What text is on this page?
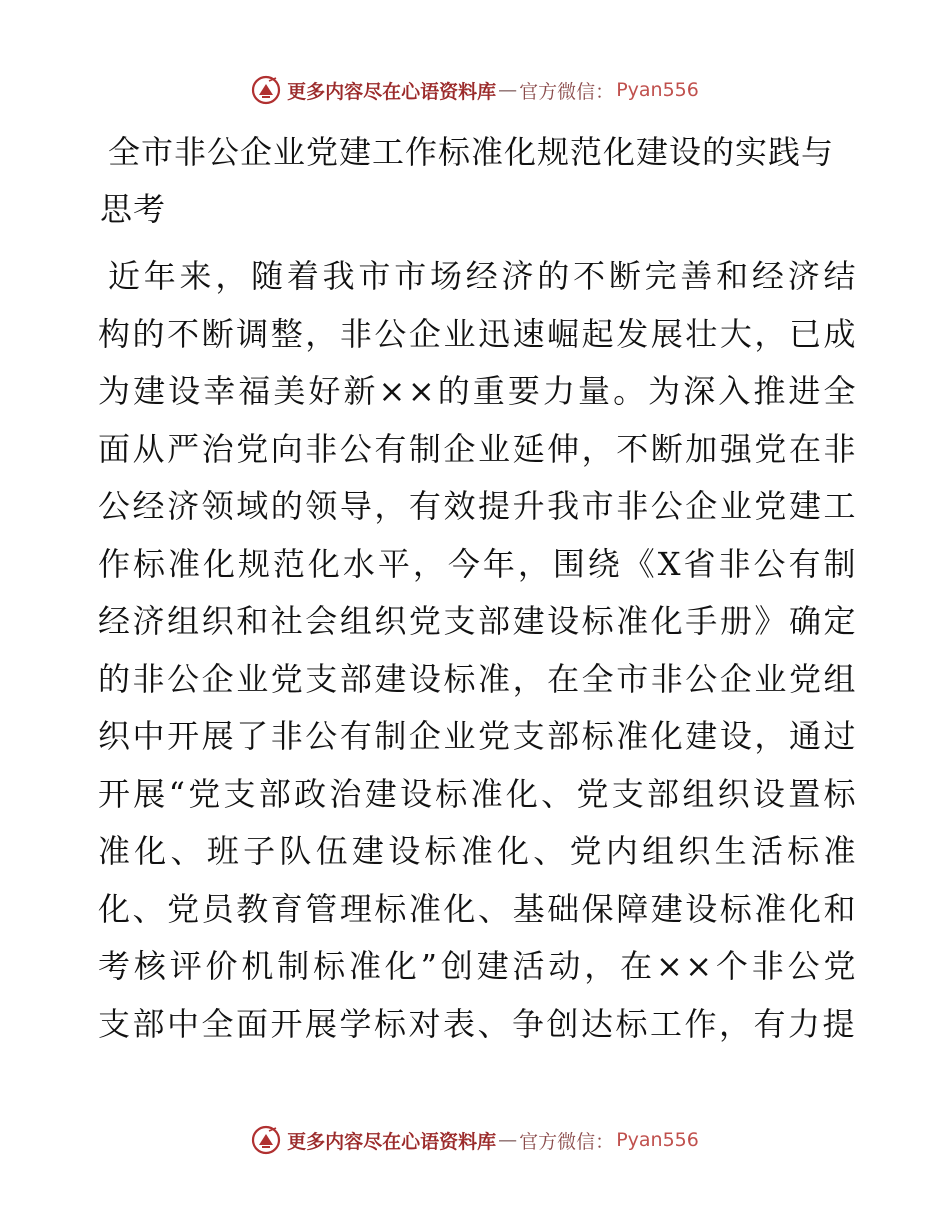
更多内容尽在心语资料库 — 官方微信： Pyan556
全市非公企业党建工作标准化规范化建设的实践与思考

近年来，随着我市市场经济的不断完善和经济结构的不断调整，非公企业迅速崛起发展壮大，已成为建设幸福美好新××的重要力量。为深入推进全面从严治党向非公有制企业延伸，不断加强党在非公经济领域的领导，有效提升我市非公企业党建工作标准化规范化水平，今年，围绕《X省非公有制经济组织和社会组织党支部建设标准化手册》确定的非公企业党支部建设标准，在全市非公企业党组织中开展了非公有制企业党支部标准化建设，通过开展“党支部政治建设标准化、党支部组织设置标准化、班子队伍建设标准化、党内组织生活标准化、党员教育管理标准化、基础保障建设标准化和考核评价机制标准化”创建活动，在××个非公党支部中全面开展学标对表、争创达标工作，有力提

更多内容尽在心语资料库 — 官方微信： Pyan556
